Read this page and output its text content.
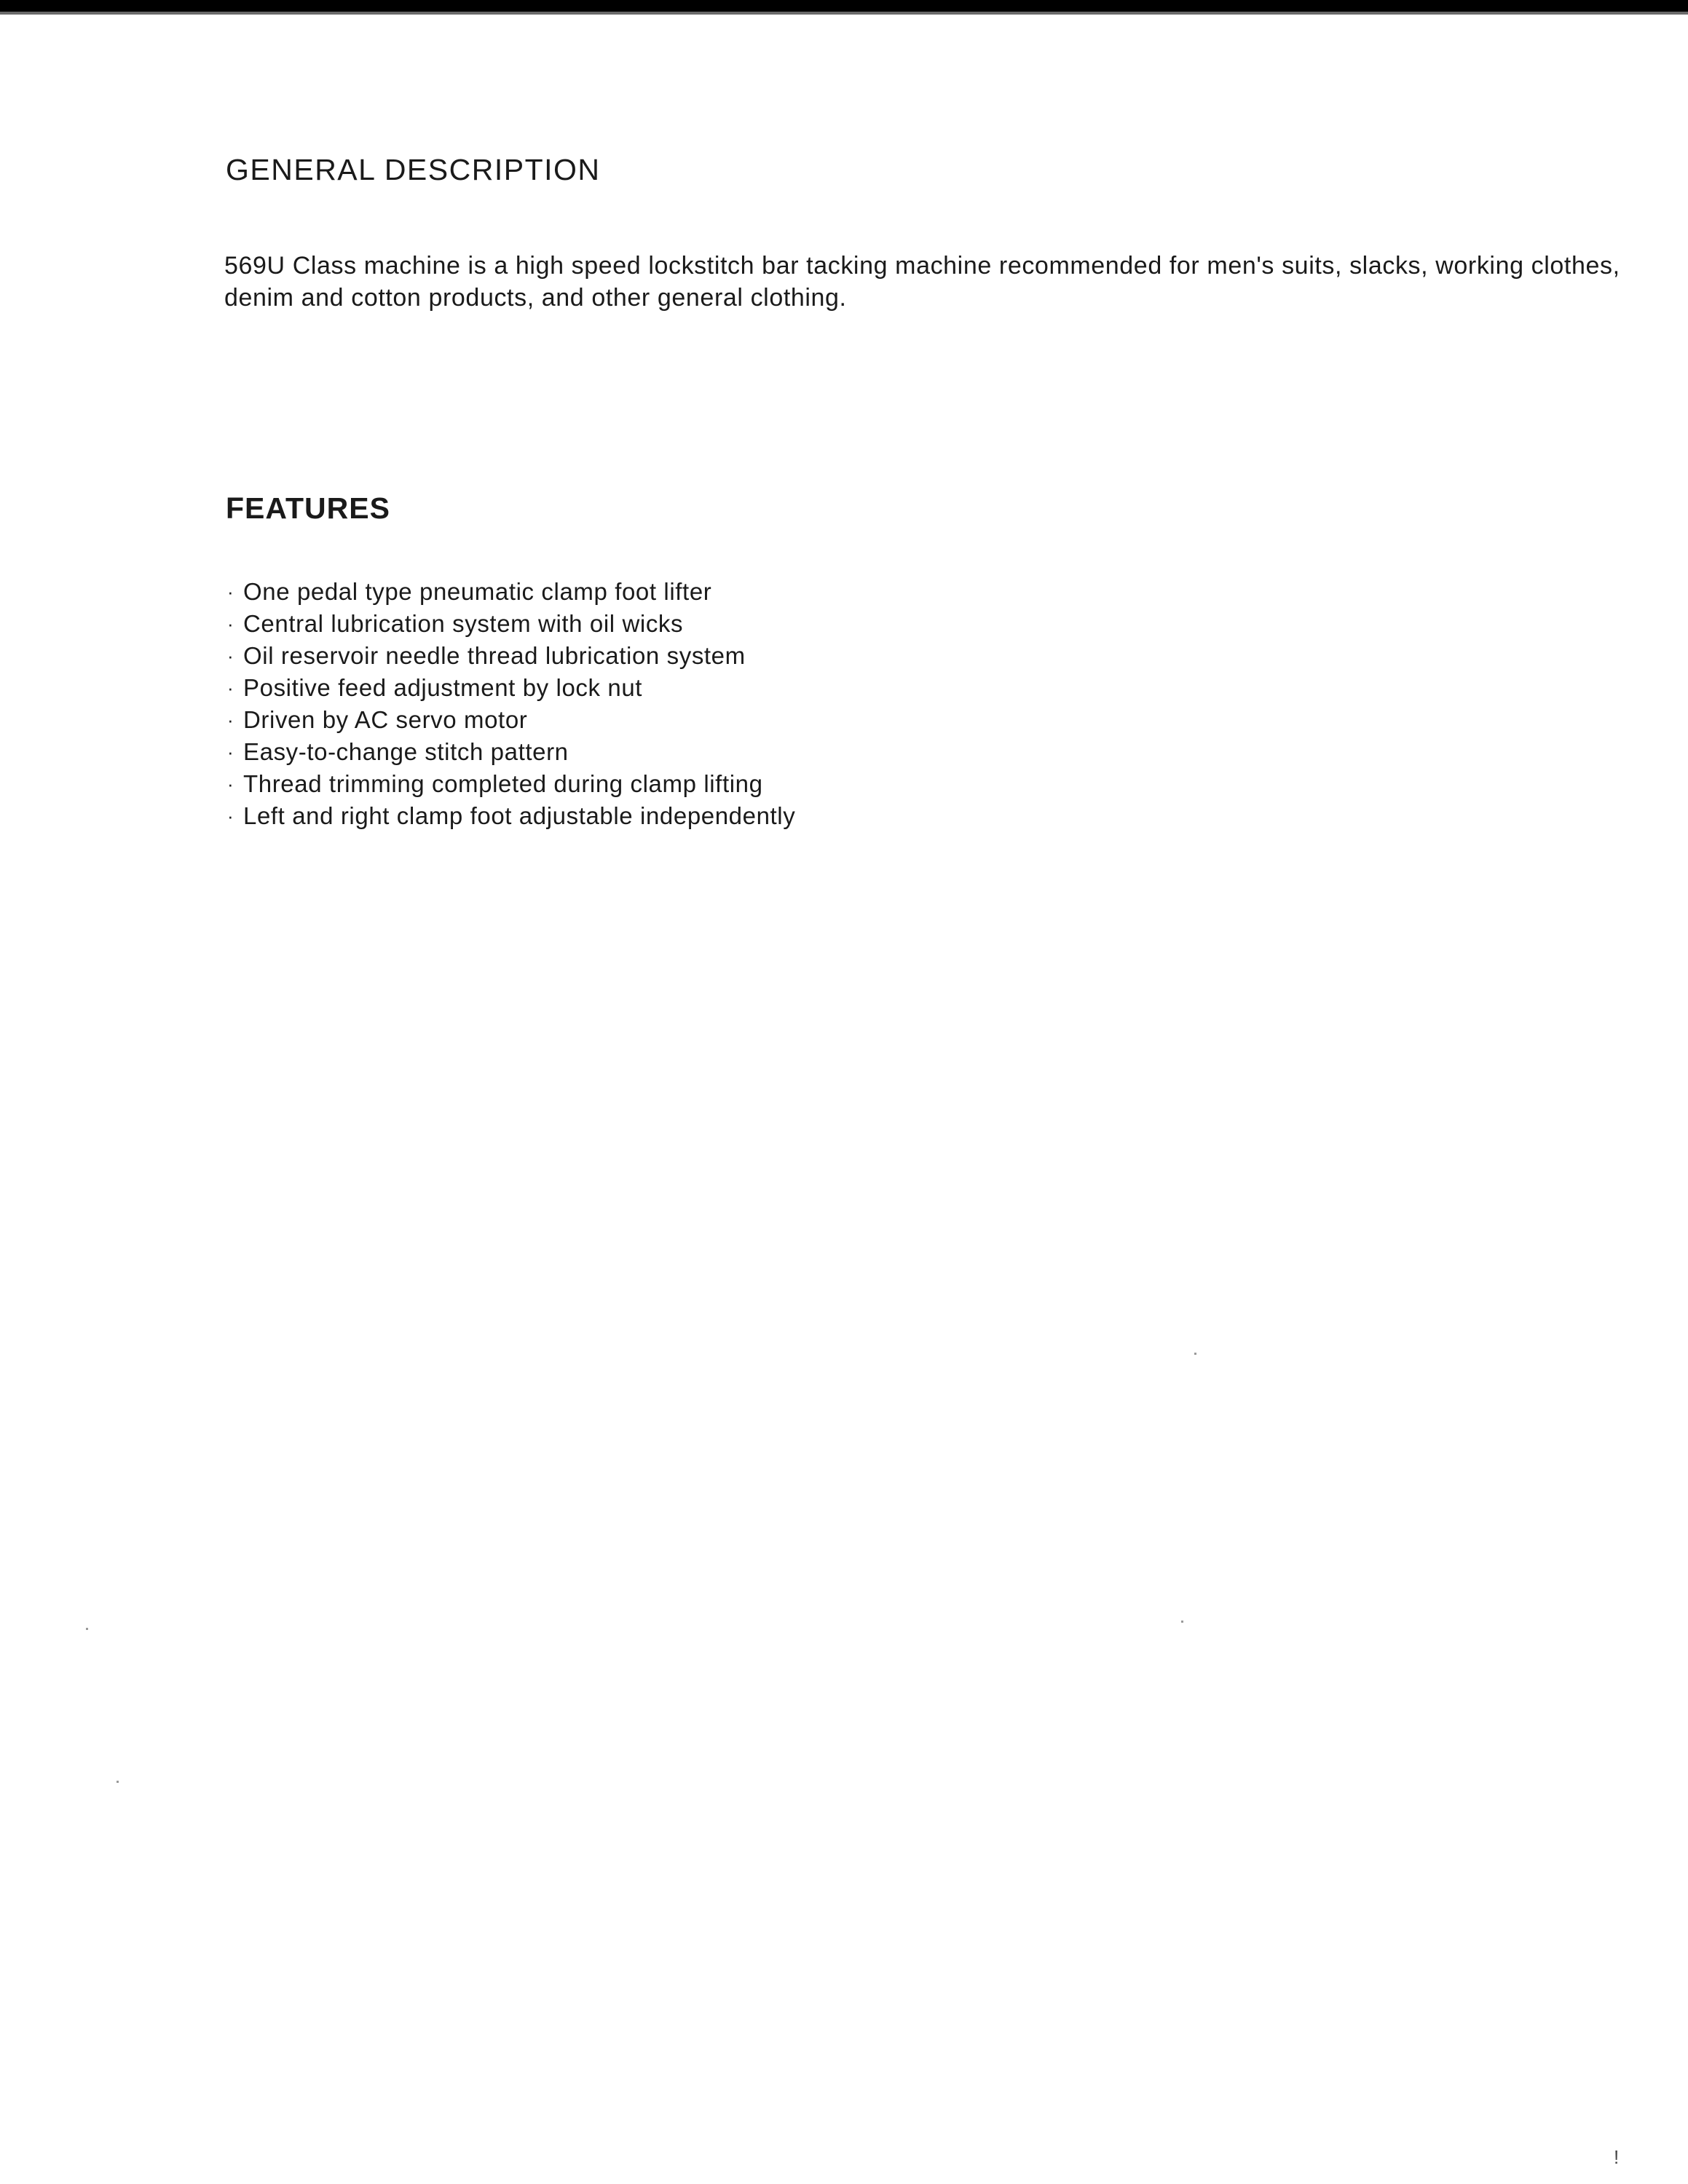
GENERAL DESCRIPTION

569U Class machine is a high speed lockstitch bar tacking machine recommended for men's suits, slacks, working clothes, denim and cotton products, and other general clothing.

FEATURES
· One pedal type pneumatic clamp foot lifter
· Central lubrication system with oil wicks
· Oil reservoir needle thread lubrication system
· Positive feed adjustment by lock nut
· Driven by AC servo motor
· Easy-to-change stitch pattern
· Thread trimming completed during clamp lifting
· Left and right clamp foot adjustable independently
!
